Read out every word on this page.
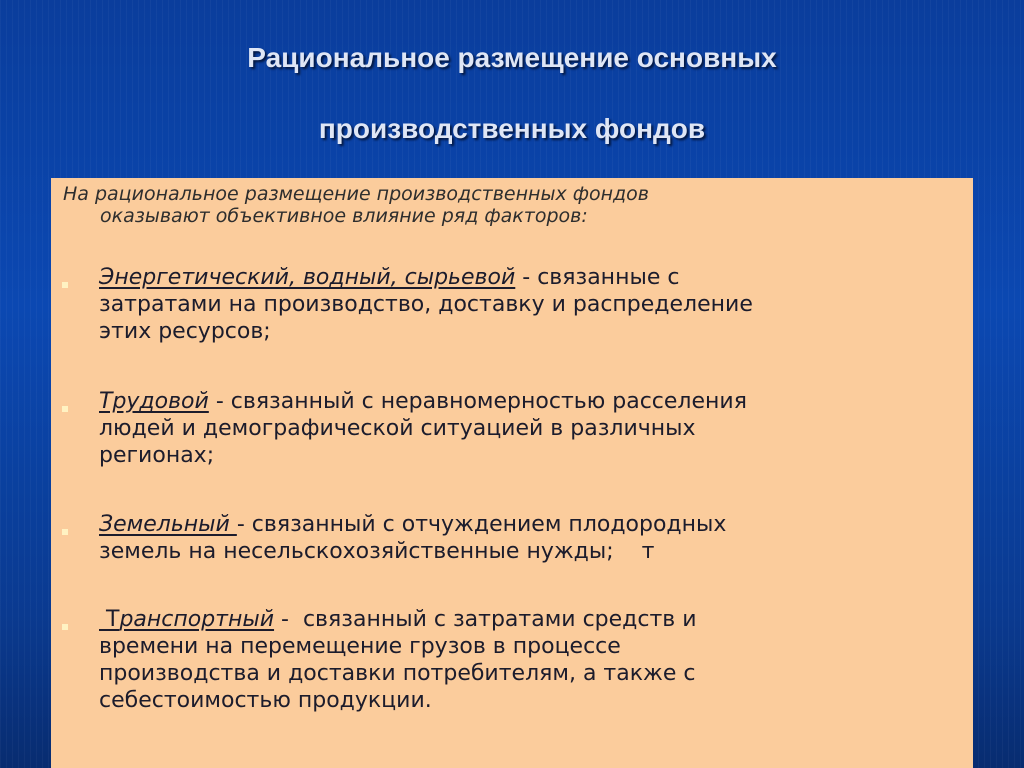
Рациональное размещение основных
производственных фондов
На рациональное размещение производственных фондов
оказывают объективное влияние ряд факторов:
Энергетический, водный, сырьевой - связанные с
затратами на производство, доставку и распределение
этих ресурсов;
Трудовой - связанный с неравномерностью расселения
людей и демографической ситуацией в различных
регионах;
Земельный - связанный с отчуждением плодородных
земель на несельскохозяйственные нужды;    т
Транспортный -  связанный с затратами средств и
времени на перемещение грузов в процессе
производства и доставки потребителям, а также с
себестоимостью продукции.
